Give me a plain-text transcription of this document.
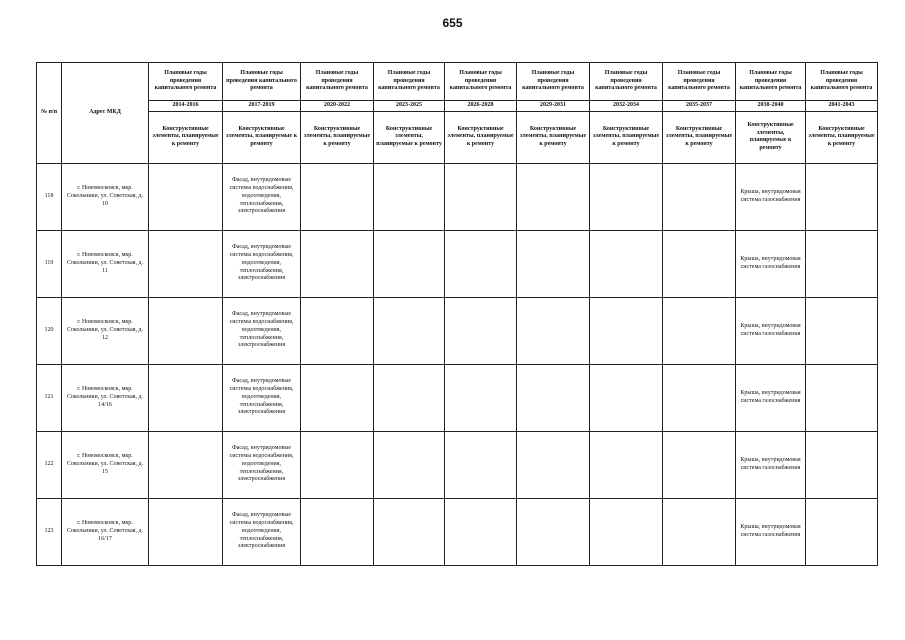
655
№ п/п	Адрес МКД	Плановые годы проведения капитального ремонта	Плановые годы проведения капитального ремонта	Плановые годы проведения капитального ремонта	Плановые годы проведения капитального ремонта	Плановые годы проведения капитального ремонта	Плановые годы проведения капитального ремонта	Плановые годы проведения капитального ремонта	Плановые годы проведения капитального ремонта	Плановые годы проведения капитального ремонта	Плановые годы проведения капитального ремонта
		2014-2016	2017-2019	2020-2022	2023-2025	2026-2028	2029-2031	2032-2034	2035-2037	2038-2040	2041-2043
		Конструктивные элементы, планируемые к ремонту	Конструктивные элементы, планируемые к ремонту	Конструктивные элементы, планируемые к ремонту	Конструктивные элементы, планируемые к ремонту	Конструктивные элементы, планируемые к ремонту	Конструктивные элементы, планируемые к ремонту	Конструктивные элементы, планируемые к ремонту	Конструктивные элементы, планируемые к ремонту	Конструктивные элементы, планируемые к ремонту	Конструктивные элементы, планируемые к ремонту
118	г. Новомосковск, мкр. Сокольники, ул. Советская, д. 10		Фасад, внутридомовые системы водоснабжения, водоотведения, теплоснабжения, электроснабжения							Крыша, внутридомовая система газоснабжения	
119	г. Новомосковск, мкр. Сокольники, ул. Советская, д. 11		Фасад, внутридомовые системы водоснабжения, водоотведения, теплоснабжения, электроснабжения							Крыша, внутридомовая система газоснабжения	
120	г. Новомосковск, мкр. Сокольники, ул. Советская, д. 12		Фасад, внутридомовые системы водоснабжения, водоотведения, теплоснабжения, электроснабжения							Крыша, внутридомовая система газоснабжения	
121	г. Новомосковск, мкр. Сокольники, ул. Советская, д. 14/16		Фасад, внутридомовые системы водоснабжения, водоотведения, теплоснабжения, электроснабжения							Крыша, внутридомовая система газоснабжения	
122	г. Новомосковск, мкр. Сокольники, ул. Советская, д. 15		Фасад, внутридомовые системы водоснабжения, водоотведения, теплоснабжения, электроснабжения							Крыша, внутридомовая система газоснабжения	
123	г. Новомосковск, мкр. Сокольники, ул. Советская, д. 16/17		Фасад, внутридомовые системы водоснабжения, водоотведения, теплоснабжения, электроснабжения							Крыша, внутридомовая система газоснабжения	
